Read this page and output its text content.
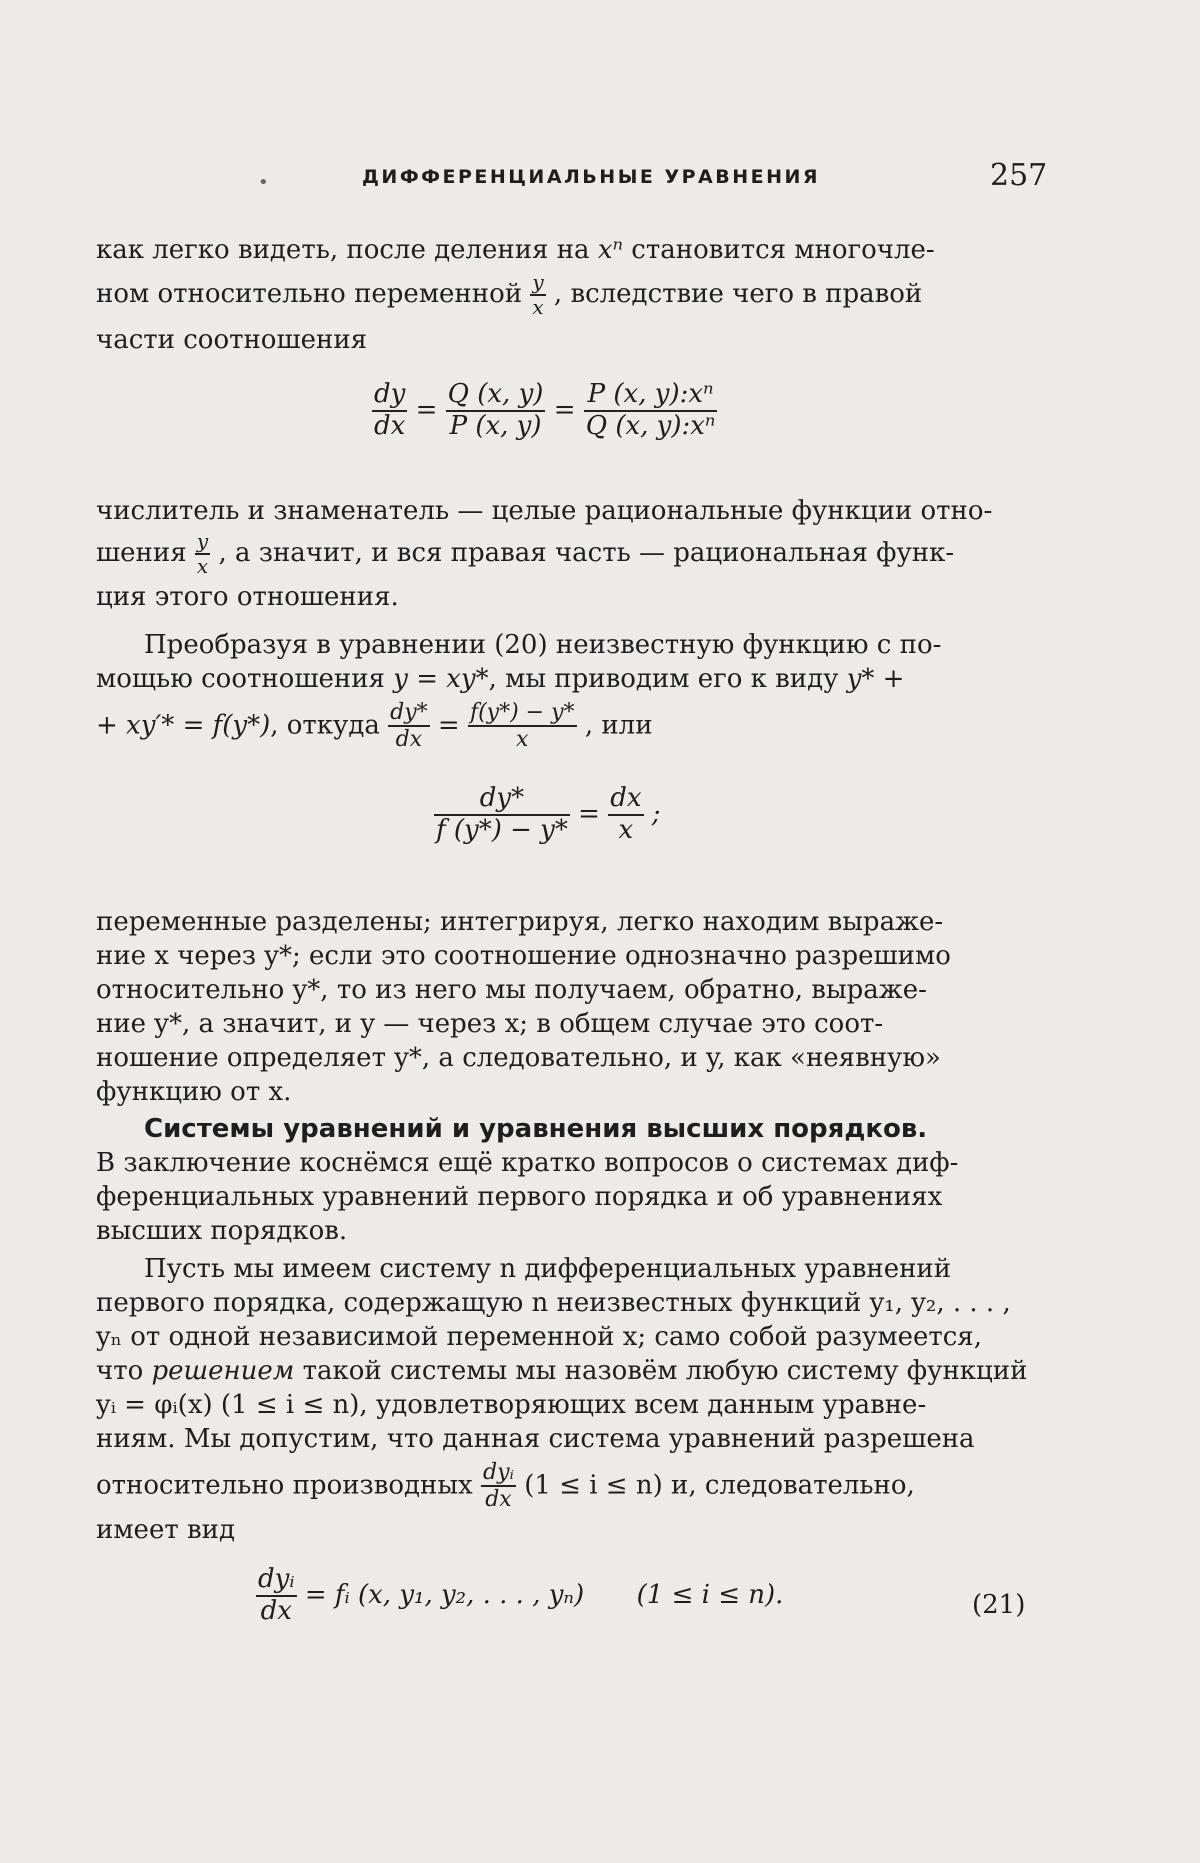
•	ДИФФЕРЕНЦИАЛЬНЫЕ УРАВНЕНИЯ	257
как легко видеть, после деления на xⁿ становится многочле-
ном относительно переменной $\frac{y}{x}$ , вследствие чего в правой
части соотношения
$\frac{dy}{dx} = \frac{Q (x, y)}{P (x, y)} = \frac{\text{P (x, y):xⁿ}}{\text{Q (x, y):xⁿ}}$
числитель и знаменатель — целые рациональные функции отно-
шения $\frac{y}{x}$ , а значит, и вся правая часть — рациональная функ-
ция этого отношения.
Преобразуя в уравнении (20) неизвестную функцию с по-
мощью соотношения y = xy*, мы приводим его к виду y* +
+ xy′* = f(y*), откуда $\frac{dy*}{dx} = \frac{f(y*) - y*}{x}$ , или
$\frac{dy*}{f (y*) - y*} = \frac{dx}{x}$ ;
переменные разделены; интегрируя, легко находим выраже-
ние x через y*; если это соотношение однозначно разрешимо
относительно y*, то из него мы получаем, обратно, выраже-
ние y*, а значит, и y — через x; в общем случае это соот-
ношение определяет y*, а следовательно, и y, как «неявную»
функцию от x.
Системы уравнений и уравнения высших порядков.
В заключение коснёмся ещё кратко вопросов о системах диф-
ференциальных уравнений первого порядка и об уравнениях
высших порядков.
Пусть мы имеем систему n дифференциальных уравнений
первого порядка, содержащую n неизвестных функций y₁, y₂, . . . ,
yₙ от одной независимой переменной x; само собой разумеется,
что решением такой системы мы назовём любую систему функций
yᵢ = φᵢ(x) (1 ≤ i ≤ n), удовлетворяющих всем данным уравне-
ниям. Мы допустим, что данная система уравнений разрешена
относительно производных $\frac{\text{dyᵢ}}{dx} (1 \le i \le n)$ и, следовательно,
имеет вид
$\frac{\text{dyᵢ}}{dx}$ = fᵢ (x, y₁, y₂, . . . , yₙ) (1 ≤ i ≤ n).	(21)
